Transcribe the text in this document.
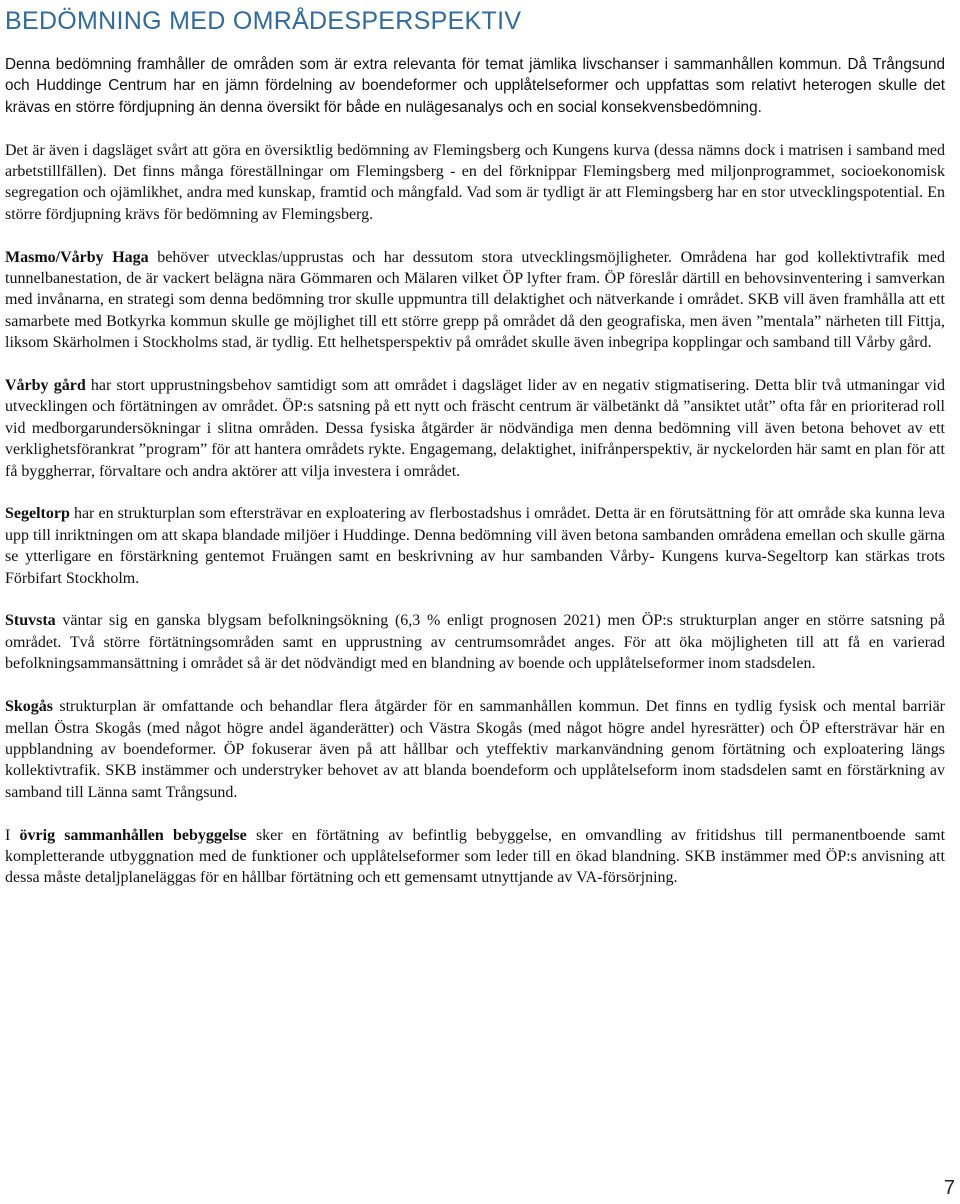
BEDÖMNING MED OMRÅDESPERSPEKTIV

Denna bedömning framhåller de områden som är extra relevanta för temat jämlika livschanser i sammanhållen kommun. Då Trångsund och Huddinge Centrum har en jämn fördelning av boendeformer och upplåtelseformer och uppfattas som relativt heterogen skulle det krävas en större fördjupning än denna översikt för både en nulägesanalys och en social konsekvensbedömning.

Det är även i dagsläget svårt att göra en översiktlig bedömning av Flemingsberg och Kungens kurva (dessa nämns dock i matrisen i samband med arbetstillfällen). Det finns många föreställningar om Flemingsberg - en del förknippar Flemingsberg med miljonprogrammet, socioekonomisk segregation och ojämlikhet, andra med kunskap, framtid och mångfald. Vad som är tydligt är att Flemingsberg har en stor utvecklingspotential. En större fördjupning krävs för bedömning av Flemingsberg.

Masmo/Vårby Haga behöver utvecklas/upprustas och har dessutom stora utvecklingsmöjligheter. Områdena har god kollektivtrafik med tunnelbanestation, de är vackert belägna nära Gömmaren och Mälaren vilket ÖP lyfter fram. ÖP föreslår därtill en behovsinventering i samverkan med invånarna, en strategi som denna bedömning tror skulle uppmuntra till delaktighet och nätverkande i området. SKB vill även framhålla att ett samarbete med Botkyrka kommun skulle ge möjlighet till ett större grepp på området då den geografiska, men även ”mentala” närheten till Fittja, liksom Skärholmen i Stockholms stad, är tydlig. Ett helhetsperspektiv på området skulle även inbegripa kopplingar och samband till Vårby gård.

Vårby gård har stort upprustningsbehov samtidigt som att området i dagsläget lider av en negativ stigmatisering. Detta blir två utmaningar vid utvecklingen och förtätningen av området. ÖP:s satsning på ett nytt och fräscht centrum är välbetänkt då ”ansiktet utåt” ofta får en prioriterad roll vid medborgarundersökningar i slitna områden. Dessa fysiska åtgärder är nödvändiga men denna bedömning vill även betona behovet av ett verklighetsförankrat ”program” för att hantera områdets rykte. Engagemang, delaktighet, inifrånperspektiv, är nyckelorden här samt en plan för att få byggherrar, förvaltare och andra aktörer att vilja investera i området.

Segeltorp har en strukturplan som eftersträvar en exploatering av flerbostadshus i området. Detta är en förutsättning för att område ska kunna leva upp till inriktningen om att skapa blandade miljöer i Huddinge. Denna bedömning vill även betona sambanden områdena emellan och skulle gärna se ytterligare en förstärkning gentemot Fruängen samt en beskrivning av hur sambanden Vårby- Kungens kurva-Segeltorp kan stärkas trots Förbifart Stockholm.

Stuvsta väntar sig en ganska blygsam befolkningsökning (6,3 % enligt prognosen 2021) men ÖP:s strukturplan anger en större satsning på området. Två större förtätningsområden samt en upprustning av centrumsområdet anges. För att öka möjligheten till att få en varierad befolkningsammansättning i området så är det nödvändigt med en blandning av boende och upplåtelseformer inom stadsdelen.

Skogås strukturplan är omfattande och behandlar flera åtgärder för en sammanhållen kommun. Det finns en tydlig fysisk och mental barriär mellan Östra Skogås (med något högre andel äganderätter) och Västra Skogås (med något högre andel hyresrätter) och ÖP eftersträvar här en uppblandning av boendeformer. ÖP fokuserar även på att hållbar och yteffektiv markanvändning genom förtätning och exploatering längs kollektivtrafik. SKB instämmer och understryker behovet av att blanda boendeform och upplåtelseform inom stadsdelen samt en förstärkning av samband till Länna samt Trångsund.

I övrig sammanhållen bebyggelse sker en förtätning av befintlig bebyggelse, en omvandling av fritidshus till permanentboende samt kompletterande utbyggnation med de funktioner och upplåtelseformer som leder till en ökad blandning. SKB instämmer med ÖP:s anvisning att dessa måste detaljplaneläggas för en hållbar förtätning och ett gemensamt utnyttjande av VA-försörjning.

7
